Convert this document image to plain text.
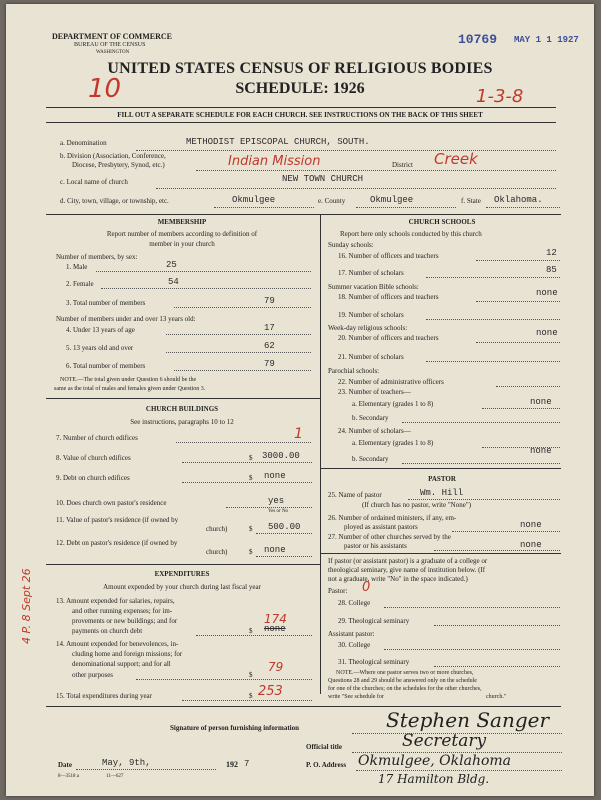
DEPARTMENT OF COMMERCE
BUREAU OF THE CENSUS
WASHINGTON
10769 MAY 1 1 1927
10	1-3-8
UNITED STATES CENSUS OF RELIGIOUS BODIES
SCHEDULE: 1926
FILL OUT A SEPARATE SCHEDULE FOR EACH CHURCH. SEE INSTRUCTIONS ON THE BACK OF THIS SHEET
a. Denomination	METHODIST EPISCOPAL CHURCH, SOUTH.
b. Division (Association, Conference,
Diocese, Presbytery, Synod, etc.)	Indian Mission	District Creek
c. Local name of church	NEW TOWN CHURCH
d. City, town, village, or township, etc.	Okmulgee	e. County	Okmulgee	f. State Oklahoma.
MEMBERSHIP
Report number of members according to definition of
member in your church
Number of members, by sex:
1. Male	25
2. Female	54
3. Total number of members	79
Number of members under and over 13 years old:
4. Under 13 years of age	17
5. 13 years old and over	62
6. Total number of members	79
NOTE.—The total given under Question 6 should be the
same as the total of males and females given under Question 3.
CHURCH BUILDINGS
See instructions, paragraphs 10 to 12
7. Number of church edifices	1
8. Value of church edifices	$ 3000.00
9. Debt on church edifices	$ none
10. Does church own pastor's residence	yes
Yes or No
11. Value of pastor's residence (if owned by
church)	$ 500.00
12. Debt on pastor's residence (if owned by
church)	$ none
EXPENDITURES
Amount expended by your church during last fiscal year
13. Amount expended for salaries, repairs,
and other running expenses; for im-
provements or new buildings; and for
payments on church debt	$
174
none
14. Amount expended for benevolences, in-
cluding home and foreign missions; for
denominational support; and for all
other purposes	$
79
15. Total expenditures during year	$ 253
4 P. 8 Sept 26
CHURCH SCHOOLS
Report here only schools conducted by this church
Sunday schools:
16. Number of officers and teachers	12
17. Number of scholars	85
Summer vacation Bible schools:
18. Number of officers and teachers	none
19. Number of scholars
Week-day religious schools:
20. Number of officers and teachers	none
21. Number of scholars
Parochial schools:
22. Number of administrative officers
23. Number of teachers—
a. Elementary (grades 1 to 8)	none
b. Secondary
24. Number of scholars—
a. Elementary (grades 1 to 8)
none
b. Secondary
PASTOR
25. Name of pastor	Wm. Hill
(If church has no pastor, write "None")
26. Number of ordained ministers, if any, em-
ployed as assistant pastors	none
27. Number of other churches served by the
pastor or his assistants	none
If pastor (or assistant pastor) is a graduate of a college or
theological seminary, give name of institution below. (If
not a graduate, write "No" in the space indicated.)
Pastor: 0
28. College
29. Theological seminary
Assistant pastor:
30. College
31. Theological seminary
NOTE.—Where one pastor serves two or more churches,
Questions 28 and 29 should be answered only on the schedule
for one of the churches; on the schedules for the other churches,
write "See schedule for	church."
Signature of person furnishing information	Stephen Sanger
Official title	Secretary
Date	May, 9th,	192 7	P. O. Address Okmulgee, Oklahoma
17 Hamilton Bldg.
8—3518 a	11—627
